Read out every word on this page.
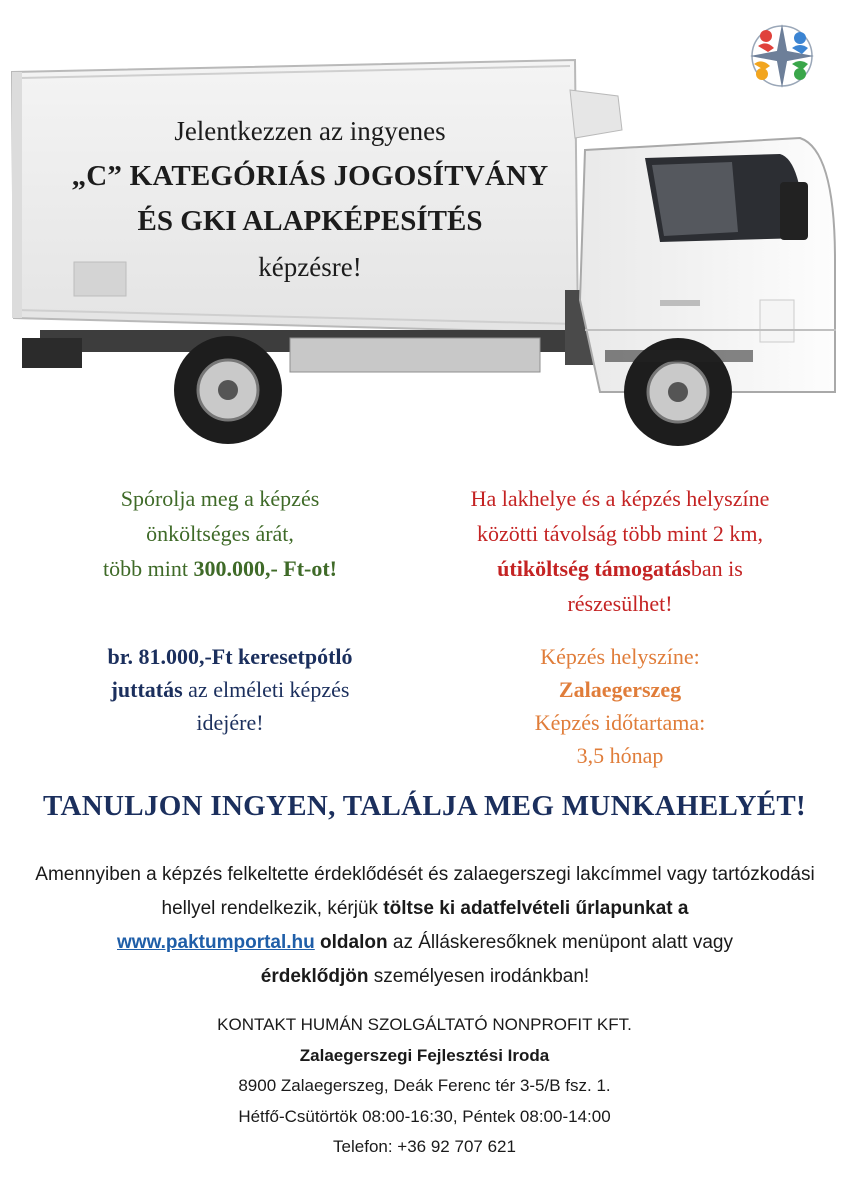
Jelentkezzen az ingyenes
„C” KATEGÓRIÁS JOGOSÍTVÁNY
ÉS GKI ALAPKÉPESÍTÉS
képzésre!
Spórolja meg a képzés
önköltséges árát,
több mint 300.000,- Ft-ot!
Ha lakhelye és a képzés helyszíne
közötti távolság több mint 2 km,
útiköltség támogatásban is
részesülhet!
br. 81.000,-Ft keresetpótló
juttatás az elméleti képzés
idejére!
Képzés helyszíne:
Zalaegerszeg
Képzés időtartama:
3,5 hónap
TANULJON INGYEN, TALÁLJA MEG MUNKAHELYÉT!
Amennyiben a képzés felkeltette érdeklődését és zalaegerszegi lakcímmel vagy tartózkodási hellyel rendelkezik, kérjük töltse ki adatfelvételi űrlapunkat a
www.paktumportal.hu oldalon az Álláskeresőknek menüpont alatt vagy
érdeklődjön személyesen irodánkban!
KONTAKT HUMÁN SZOLGÁLTATÓ NONPROFIT KFT.
Zalaegerszegi Fejlesztési Iroda
8900 Zalaegerszeg, Deák Ferenc tér 3-5/B fsz. 1.
Hétfő-Csütörtök 08:00-16:30, Péntek 08:00-14:00
Telefon: +36 92 707 621
